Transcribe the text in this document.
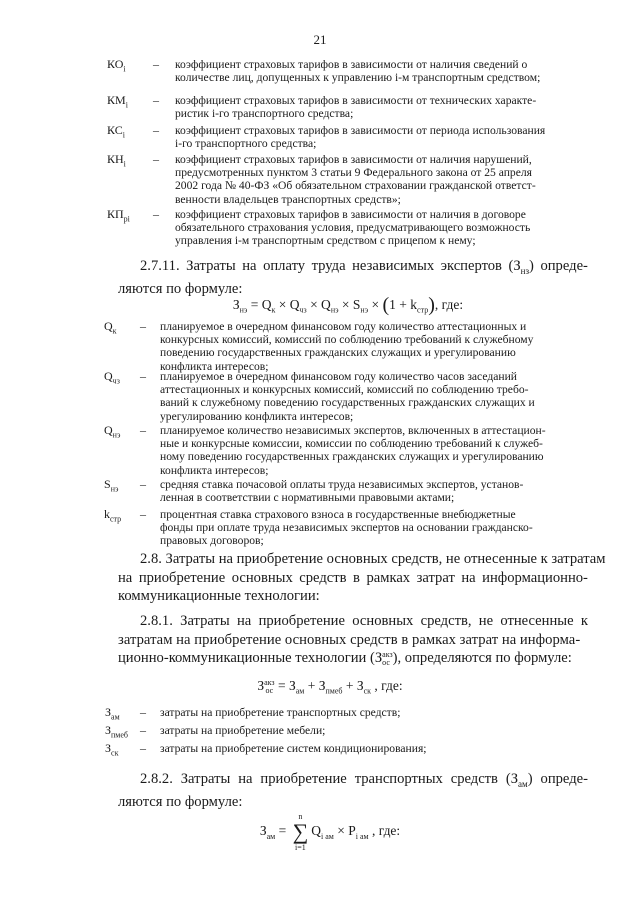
21
$КО_i$ – коэффициент страховых тарифов в зависимости от наличия сведений о
количестве лиц, допущенных к управлению i-м транспортным средством;
$КМ_i$ – коэффициент страховых тарифов в зависимости от технических характе-
ристик i-го транспортного средства;
$КС_i$ – коэффициент страховых тарифов в зависимости от периода использования
i-го транспортного средства;
$КН_i$ – коэффициент страховых тарифов в зависимости от наличия нарушений,
предусмотренных пунктом 3 статьи 9 Федерального закона от 25 апреля
2002 года № 40-ФЗ «Об обязательном страховании гражданской ответст-
венности владельцев транспортных средств»;
$КП_{рi}$ – коэффициент страховых тарифов в зависимости от наличия в договоре
обязательного страхования условия, предусматривающего возможность
управления i-м транспортным средством с прицепом к нему;
2.7.11. Затраты на оплату труда независимых экспертов $(З_{нз})$ опреде-
ляются по формуле:
$З_{нэ} = Q_к \times Q_{чз} \times Q_{нэ} \times S_{нэ} \times (1 + k_{стр})$, где:
$Q_к$ – планируемое в очередном финансовом году количество аттестационных и
конкурсных комиссий, комиссий по соблюдению требований к служебному
поведению государственных гражданских служащих и урегулированию
конфликта интересов;
$Q_{чз}$ – планируемое в очередном финансовом году количество часов заседаний
аттестационных и конкурсных комиссий, комиссий по соблюдению требо-
ваний к служебному поведению государственных гражданских служащих и
урегулированию конфликта интересов;
$Q_{нэ}$ – планируемое количество независимых экспертов, включенных в аттестацион-
ные и конкурсные комиссии, комиссии по соблюдению требований к служеб-
ному поведению государственных гражданских служащих и урегулированию
конфликта интересов;
$S_{нэ}$ – средняя ставка почасовой оплаты труда независимых экспертов, установ-
ленная в соответствии с нормативными правовыми актами;
$k_{стр}$ – процентная ставка страхового взноса в государственные внебюджетные
фонды при оплате труда независимых экспертов на основании гражданско-
правовых договоров;
2.8. Затраты на приобретение основных средств, не отнесенные к затратам
на приобретение основных средств в рамках затрат на информационно-
коммуникационные технологии:
2.8.1. Затраты на приобретение основных средств, не отнесенные к
затратам на приобретение основных средств в рамках затрат на информа-
ционно-коммуникационные технологии (З акз
ос ), определяются по формуле:
З акз
ос = $З_{ам} + З_{пмеб} + З_{ск}$ , где:
$З_{ам}$ – затраты на приобретение транспортных средств;
$З_{пмеб}$ – затраты на приобретение мебели;
$З_{ск}$ – затраты на приобретение систем кондиционирования;
2.8.2. Затраты на приобретение транспортных средств $(З_{ам})$ опреде-
ляются по формуле:
$З_{ам}$ =
n
∑
i=1
$Q_{i ам} \times P_{i ам}$ , где:
